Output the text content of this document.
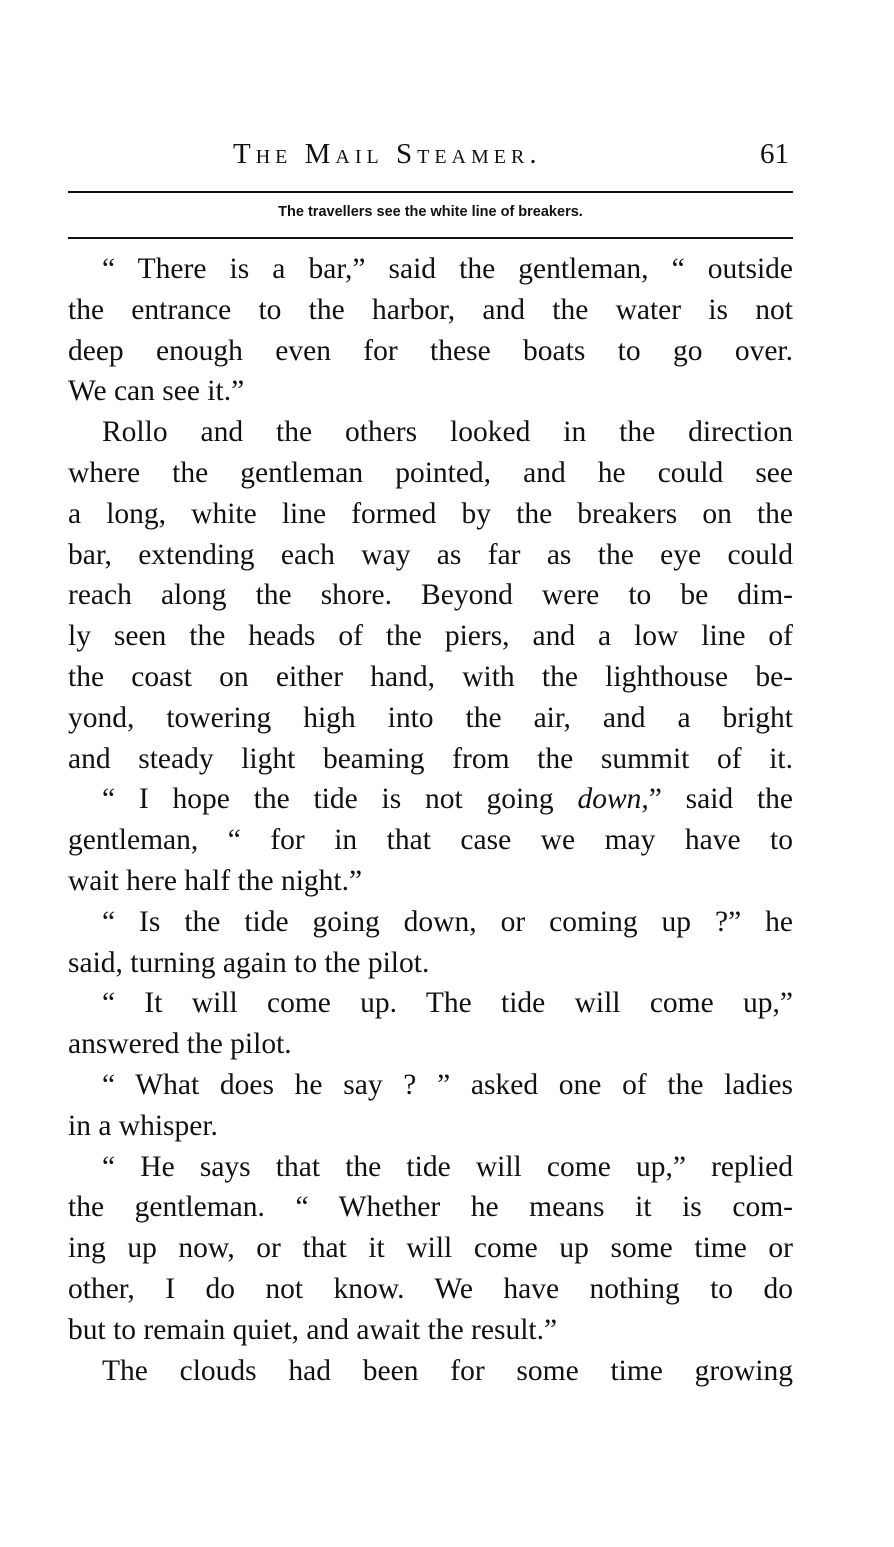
The Mail Steamer.	61
The travellers see the white line of breakers.
“ There is a bar,” said the gentleman, “ outside
the entrance to the harbor, and the water is not
deep enough even for these boats to go over.
We can see it.”
Rollo and the others looked in the direction
where the gentleman pointed, and he could see
a long, white line formed by the breakers on the
bar, extending each way as far as the eye could
reach along the shore. Beyond were to be dim-
ly seen the heads of the piers, and a low line of
the coast on either hand, with the lighthouse be-
yond, towering high into the air, and a bright
and steady light beaming from the summit of it.
“ I hope the tide is not going down,” said the
gentleman, “ for in that case we may have to
wait here half the night.”
“ Is the tide going down, or coming up ?” he
said, turning again to the pilot.
“ It will come up. The tide will come up,”
answered the pilot.
“ What does he say ? ” asked one of the ladies
in a whisper.
“ He says that the tide will come up,” replied
the gentleman. “ Whether he means it is com-
ing up now, or that it will come up some time or
other, I do not know. We have nothing to do
but to remain quiet, and await the result.”
The clouds had been for some time growing
